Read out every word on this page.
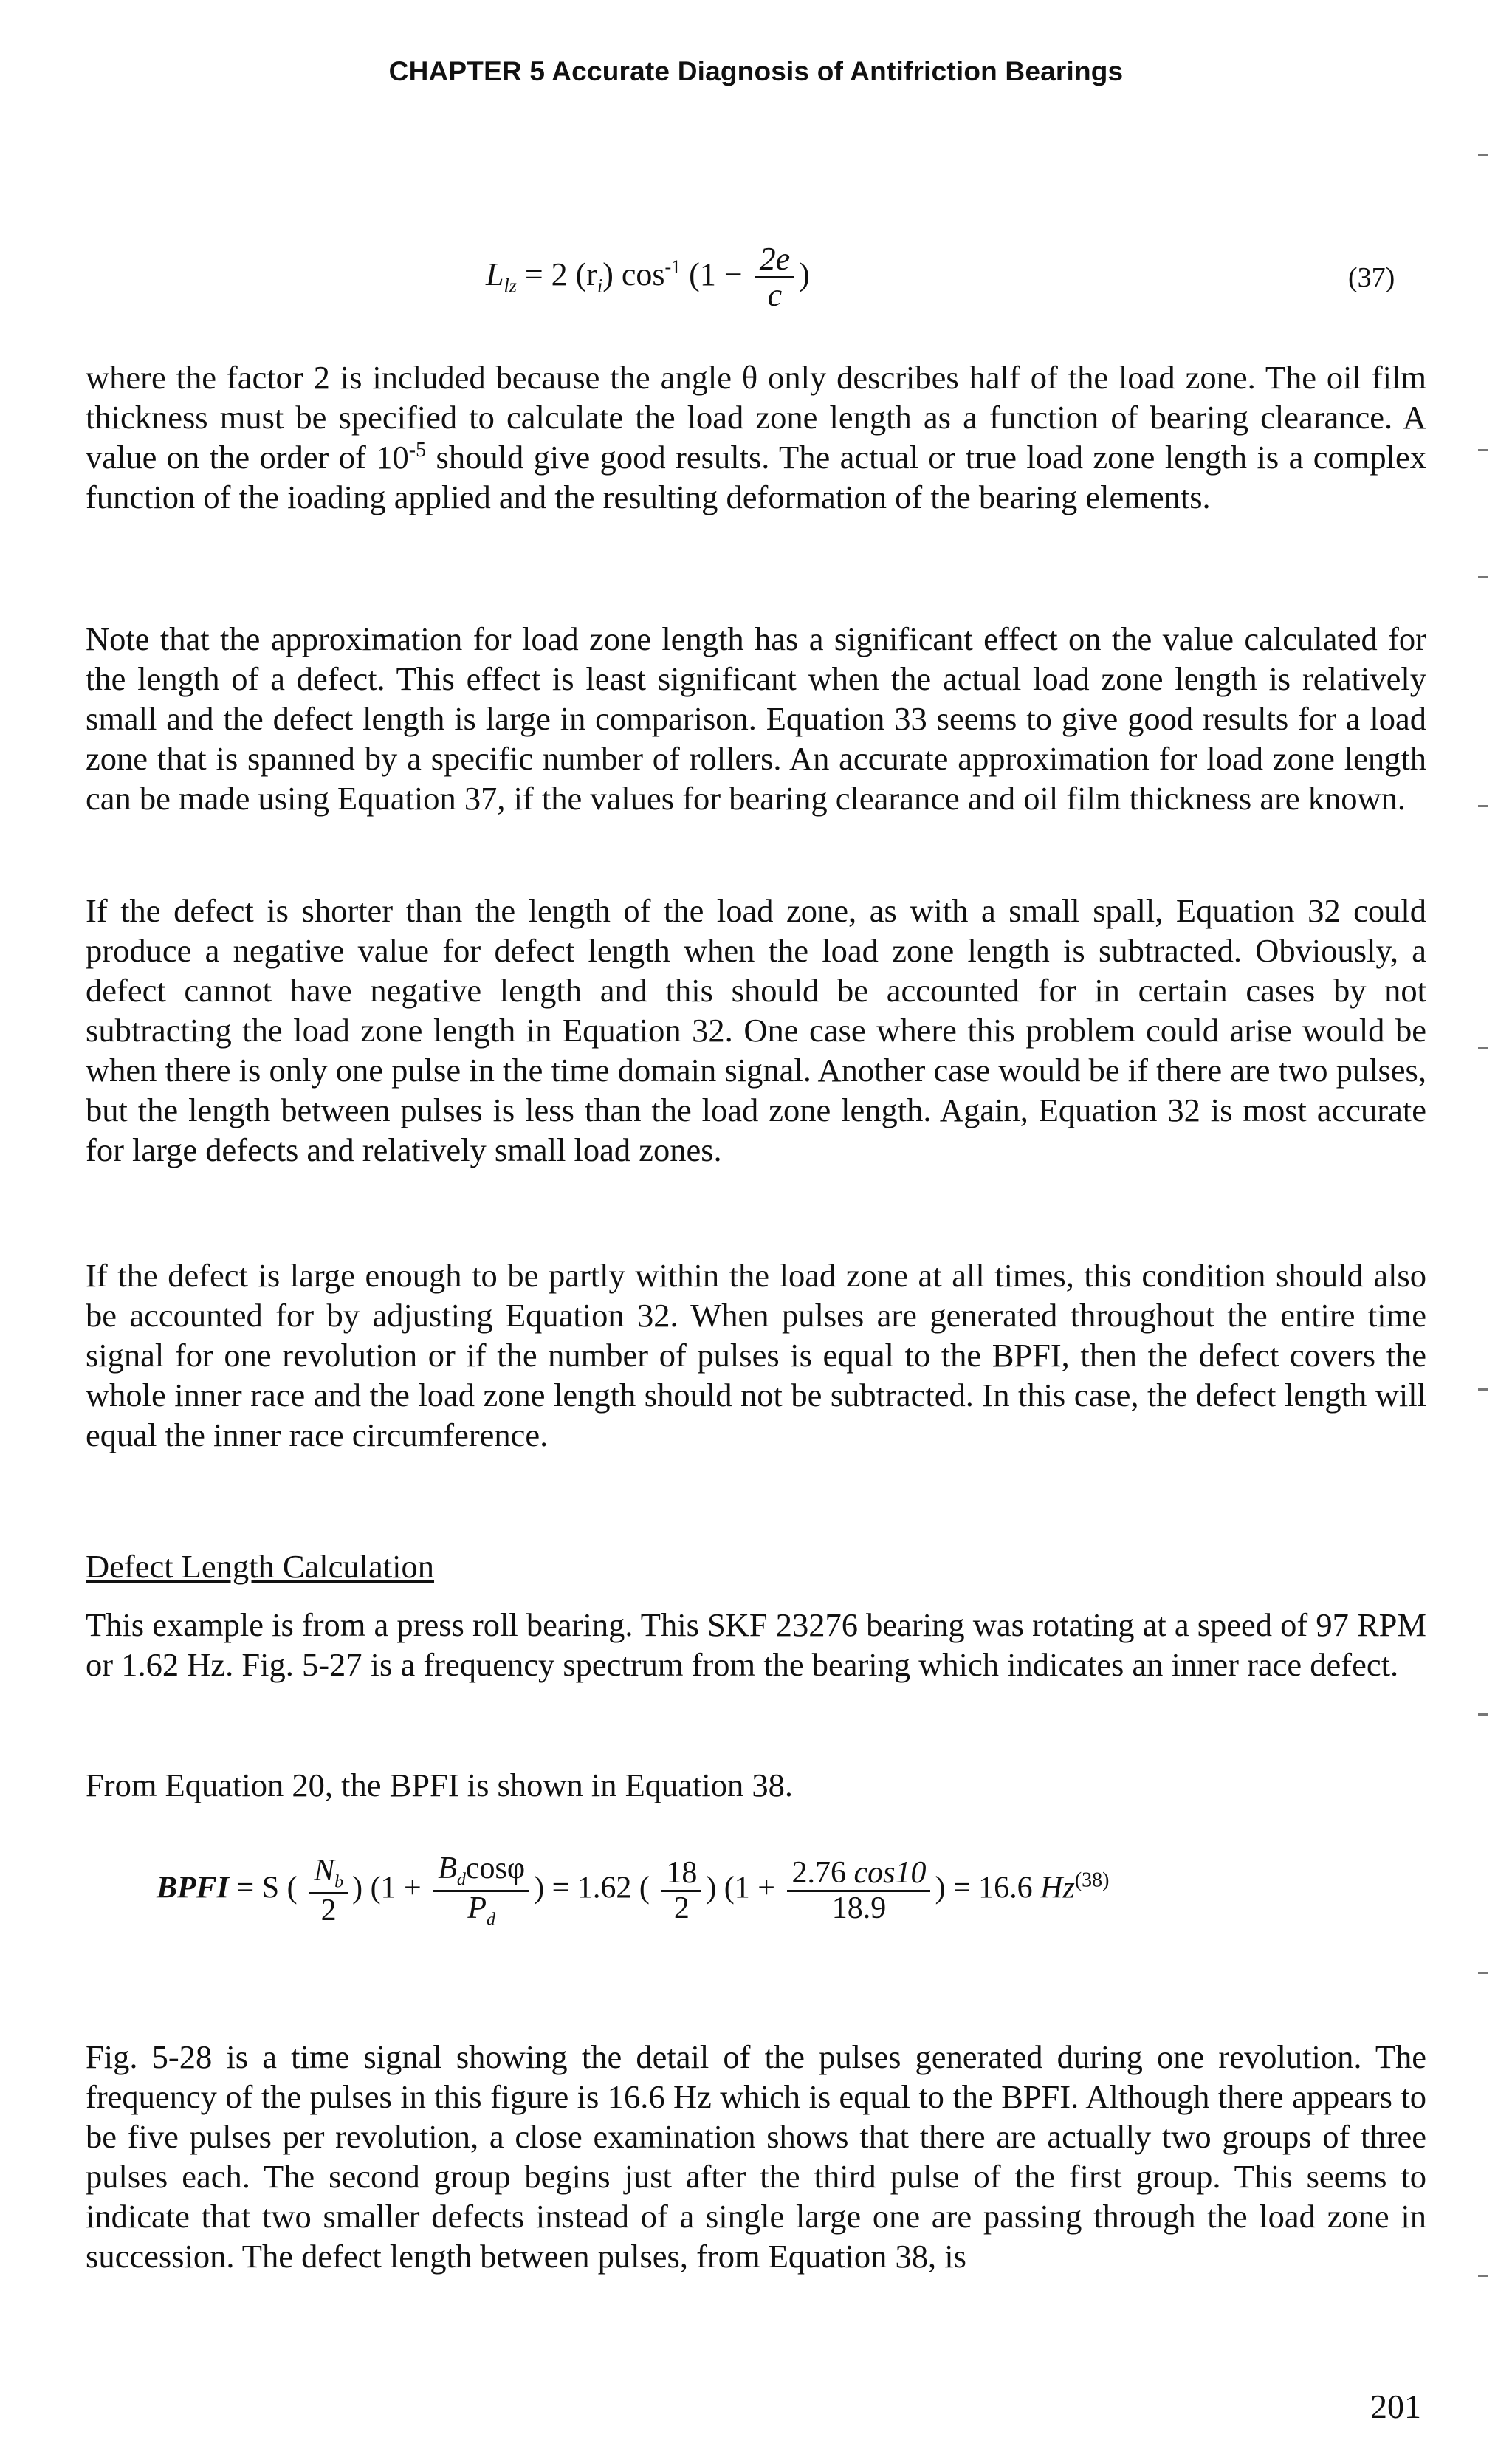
CHAPTER 5 Accurate Diagnosis of Antifriction Bearings
$L_{lz} = 2$ $(r_i)$ $\cos^{-1} (1 - \frac{2e}{c}$ )	(37)

where the factor 2 is included because the angle θ only describes half of the load zone. The oil film thickness must be specified to calculate the load zone length as a function of bearing clearance. A value on the order of $10^{-5}$ should give good results. The actual or true load zone length is a complex function of the ioading applied and the resulting deformation of the bearing elements.

Note that the approximation for load zone length has a significant effect on the value calculated for the length of a defect. This effect is least significant when the actual load zone length is relatively small and the defect length is large in comparison. Equation 33 seems to give good results for a load zone that is spanned by a specific number of rollers. An accurate approximation for load zone length can be made using Equation 37, if the values for bearing clearance and oil film thickness are known.

If the defect is shorter than the length of the load zone, as with a small spall, Equation 32 could produce a negative value for defect length when the load zone length is subtracted. Obviously, a defect cannot have negative length and this should be accounted for in certain cases by not subtracting the load zone length in Equation 32. One case where this problem could arise would be when there is only one pulse in the time domain signal. Another case would be if there are two pulses, but the length between pulses is less than the load zone length. Again, Equation 32 is most accurate for large defects and relatively small load zones.

If the defect is large enough to be partly within the load zone at all times, this condition should also be accounted for by adjusting Equation 32. When pulses are generated throughout the entire time signal for one revolution or if the number of pulses is equal to the BPFI, then the defect covers the whole inner race and the load zone length should not be subtracted. In this case, the defect length will equal the inner race circumference.

Defect Length Calculation

This example is from a press roll bearing. This SKF 23276 bearing was rotating at a speed of 97 RPM or 1.62 Hz. Fig. 5-27 is a frequency spectrum from the bearing which indicates an inner race defect.

From Equation 20, the BPFI is shown in Equation 38.

BPFI = S ( $\frac{N_b}{2}$ ) ($1 + \frac{B_d\cos\varphi}{P_d}$ ) = 1.62 ( $\frac{18}{2}$ ) ($1 + \frac{2.76 \cos 10}{18.9}$ ) = 16.6 Hz$^{(38)}$

Fig. 5-28 is a time signal showing the detail of the pulses generated during one revolution. The frequency of the pulses in this figure is 16.6 Hz which is equal to the BPFI. Although there appears to be five pulses per revolution, a close examination shows that there are actually two groups of three pulses each. The second group begins just after the third pulse of the first group. This seems to indicate that two smaller defects instead of a single large one are passing through the load zone in succession. The defect length between pulses, from Equation 38, is

201
